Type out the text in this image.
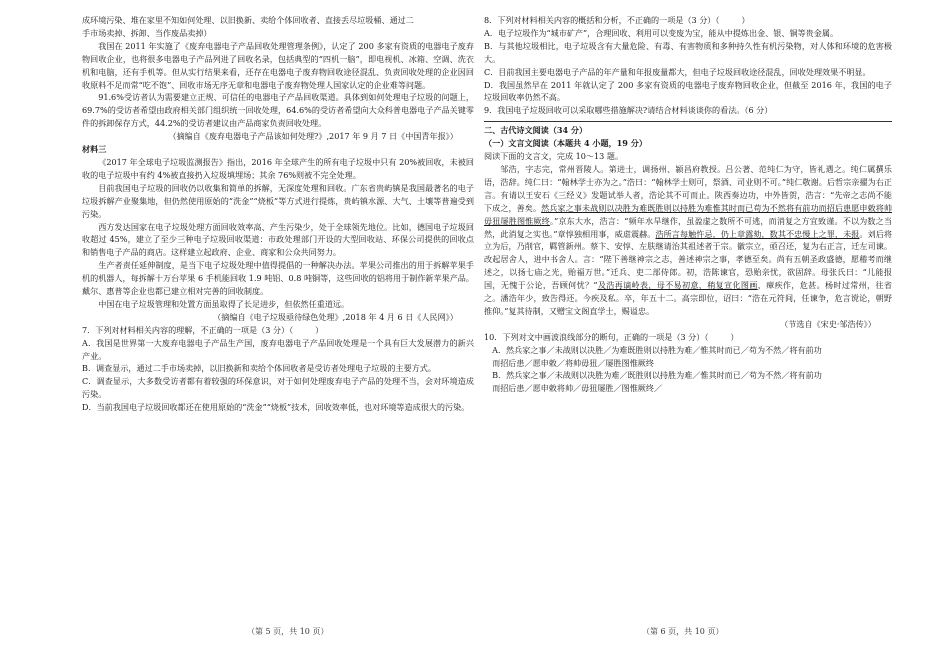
成环境污染、堆在家里不知如何处理、以旧换新、卖给个体回收者、直接丢尽垃圾桶、通过二

手市场卖掉、拆卸、当作废品卖掉）

我国在 2011 年实施了《废弃电器电子产品回收处理管理条例》，认定了 200 多家有资质的电器电子废弃物回收企业，也将很多电器电子产品列进了回收名录，包括典型的“四机一脑”，即电视机、冰箱、空调、洗衣机和电脑，还有手机等。但从实行结果来看，还存在电器电子废弃物回收途径混乱、负责回收处理的企业因回收原料不足而常“吃不饱”、回收市场无序无章和电器电子废弃物处理人国家认定的企业难等问题。

91.6%受访者认为需要建立正规、可信任的电器电子产品回收渠道。具体到如何处理电子垃圾的问题上，69.7%的受访者希望由政府相关部门组织统一回收处理，64.6%的受访者希望向大众科普电器电子产品关键零件的拆卸保存方式，44.2%的受访者建议由产品商家负责回收处理。

（摘编自《废弃电器电子产品该如何处理?》,2017 年 9 月 7 日《中国青年报》）

材料三

《2017 年全球电子垃圾监测报告》指出，2016 年全球产生的所有电子垃圾中只有 20%被回收，未被回收的电子垃圾中有约 4%被直接扔入垃圾填埋场；其余 76%则被不完全处理。

目前我国电子垃圾的回收仍以收集和简单的拆解，无深度处理和回收。广东省贵屿镇是我国最著名的电子垃圾拆解产业聚集地，但仍然使用原始的“洗金”“烧板”等方式进行提炼，贵屿镇水源、大气、土壤等普遍受到污染。

西方发达国家在电子垃圾处理方面回收效率高、产生污染少，处于全球领先地位。比如，德国电子垃圾回收超过 45%，建立了至少三种电子垃圾回收渠道：市政处理部门开设的大型回收站、环保公司提供的回收点和销售电子产品的商店。这样建立起政府、企业、商家和公众共同努力。

生产者责任延伸制度，是当下电子垃圾处理中值得提倡的一种解决办法。苹果公司推出的用于拆解苹果手机的机器人，每拆解十万台苹果 6 手机能回收 1.9 吨铝、0.8 吨铜等，这些回收的铝将用于制作新苹果产品。戴尔、惠普等企业也都已建立相对完善的回收制度。

中国在电子垃圾管理和处置方面虽取得了长足进步，但依然任重道远。

（摘编自《电子垃圾亟待绿色处理》,2018 年 4 月 6 日《人民网》）

7．下列对材料相关内容的理解，不正确的一项是（3 分）（	）

A．我国是世界第一大废弃电器电子产品生产国，废弃电器电子产品回收处理是一个具有巨大发展潜力的新兴产业。

B．调查显示，通过二手市场卖掉，以旧换新和卖给个体回收者是受访者处理电子垃圾的主要方式。

C．调查显示，大多数受访者都有着较强的环保意识，对于如何处理废弃电子产品的处理不当，会对环境造成污染。

D．当前我国电子垃圾回收都还在使用原始的“洗金”“烧板”技术，回收效率低，也对环境等造成很大的污染。

8．下列对材料相关内容的概括和分析，不正确的一项是（3 分）（	）

A．电子垃圾作为“城市矿产”，合理回收、利用可以变废为宝，能从中提炼出金、银、铜等贵金属。

B．与其他垃圾相比，电子垃圾含有大量危险、有毒、有害物质和多种持久性有机污染物，对人体和环境的危害极大。

C．目前我国主要电器电子产品的年产量和年报废量都大，但电子垃圾回收途径混乱，回收处理效果不明显。

D．我国虽然早在 2011 年就认定了 200 多家有资质的电器电子废弃物回收企业，但截至 2016 年，我国的电子垃圾回收率仍然不高。

9．我国电子垃圾回收可以采取哪些措施解决?请结合材料谈谈你的看法。（6 分）

二、古代诗文阅读（34 分）

（一）文言文阅读（本题共 4 小题，19 分）

阅读下面的文言文，完成 10～13 题。

邹浩，字志完，常州晋陵人。第进士，调扬州、颍昌府教授。吕公著、范纯仁为守，皆礼遇之。纯仁属撰乐语，浩辞。纯仁曰：“翰林学士亦为之。”浩曰：“翰林学士则可，祭酒、司业则不可。”纯仁敬谢。后哲宗亲擢为右正言。有请以王安石《三经义》发题试举人者，浩论其不可而止。陕西奏边功，中外皆贺，浩言：“先帝之志尚不能下成之，善矣。然兵家之事未战则以决胜为难既胜则以持胜为难惟其时而已苟为不然将有前功而招后患愿申敕将帅毋狃屡胜图惟厥终。”京东大水，浩言：“频年水旱继作，虽盈虚之数所不可逃，而消复之方宜致谨。不以为数之当然，此消复之实也。”章惇独相用事，威虐震赫。浩所言每触忤忌，仍上章露劾，数其不忠慢上之罪，未报。刘后将立为后，乃削官，羁管新州。蔡卞、安惇、左肤继请治其祖述者于宗。徽宗立，亟召还，复为右正言，迁左司谏。改起居舍人，进中书舍人。言：“陛下善继神宗之志，善述神宗之事，孝德至矣。尚有五朝圣政盛德，愿稽考而继述之，以扬七庙之光，贻福万世。”迁兵、吏二部侍郎。初，浩陈谏官，恐贻亲忧，欲固辞。母张氏曰：“儿能报国，无愧于公论，吾顾何忧？”及浩再谪岭表，母不易初意，稍复宣化图画，瘴疾作，危甚。杨时过常州，往省之。潘浩年少，致告得还。今疾及私。卒，年五十二。高宗即位，诏曰：“浩在元符间，任谏争，危言谠论，朝野推仰。”复其待制，又赠宝文阁直学士，赐谥忠。

（节选自《宋史·邹浩传》）

10．下列对文中画波浪线部分的断句，正确的一项是（3 分）（	）

A．然兵家之事／未战则以决胜／为难既胜则以持胜为难／惟其时而已／苟为不然／将有前功

而招后患／愿申敕／将帅毋狃／屡胜图惟厥终

B．然兵家之事／未战则以决胜为难／既胜则以持胜为难／惟其时而已／苟为不然／将有前功

而招后患／愿申敕将帅／毋狃屡胜／图惟厥终／

（第 5 页，共 10 页）	（第 6 页，共 10 页）
